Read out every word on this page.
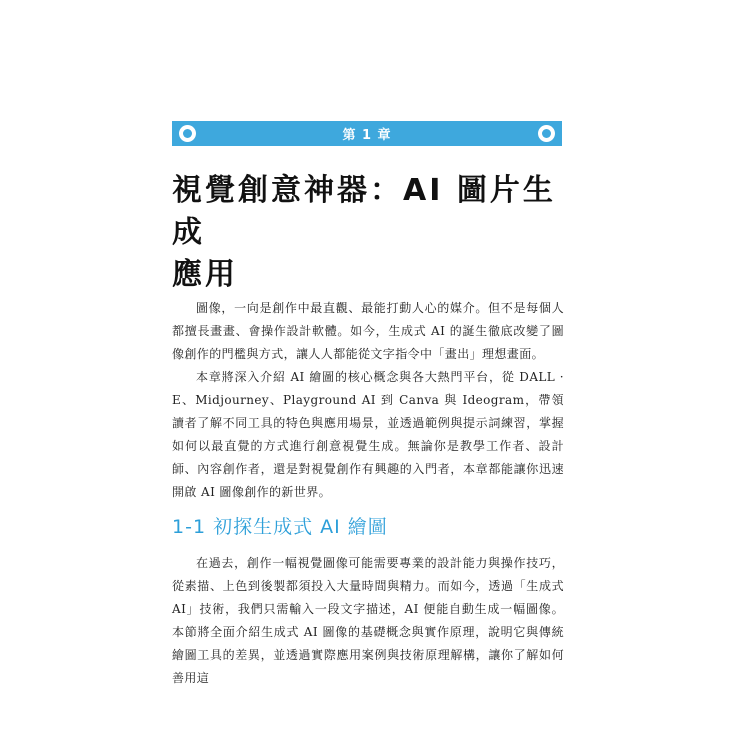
第 1 章
視覺創意神器：AI 圖片生成
應用

圖像，一向是創作中最直觀、最能打動人心的媒介。但不是每個人都擅長畫畫、會操作設計軟體。如今，生成式 AI 的誕生徹底改變了圖像創作的門檻與方式，讓人人都能從文字指令中「畫出」理想畫面。

本章將深入介紹 AI 繪圖的核心概念與各大熱門平台，從 DALL · E、Midjourney、Playground AI 到 Canva 與 Ideogram，帶領讀者了解不同工具的特色與應用場景，並透過範例與提示詞練習，掌握如何以最直覺的方式進行創意視覺生成。無論你是教學工作者、設計師、內容創作者，還是對視覺創作有興趣的入門者，本章都能讓你迅速開啟 AI 圖像創作的新世界。

1-1 初探生成式 AI 繪圖

在過去，創作一幅視覺圖像可能需要專業的設計能力與操作技巧，從素描、上色到後製都須投入大量時間與精力。而如今，透過「生成式 AI」技術，我們只需輸入一段文字描述，AI 便能自動生成一幅圖像。本節將全面介紹生成式 AI 圖像的基礎概念與實作原理，說明它與傳統繪圖工具的差異，並透過實際應用案例與技術原理解構，讓你了解如何善用這
